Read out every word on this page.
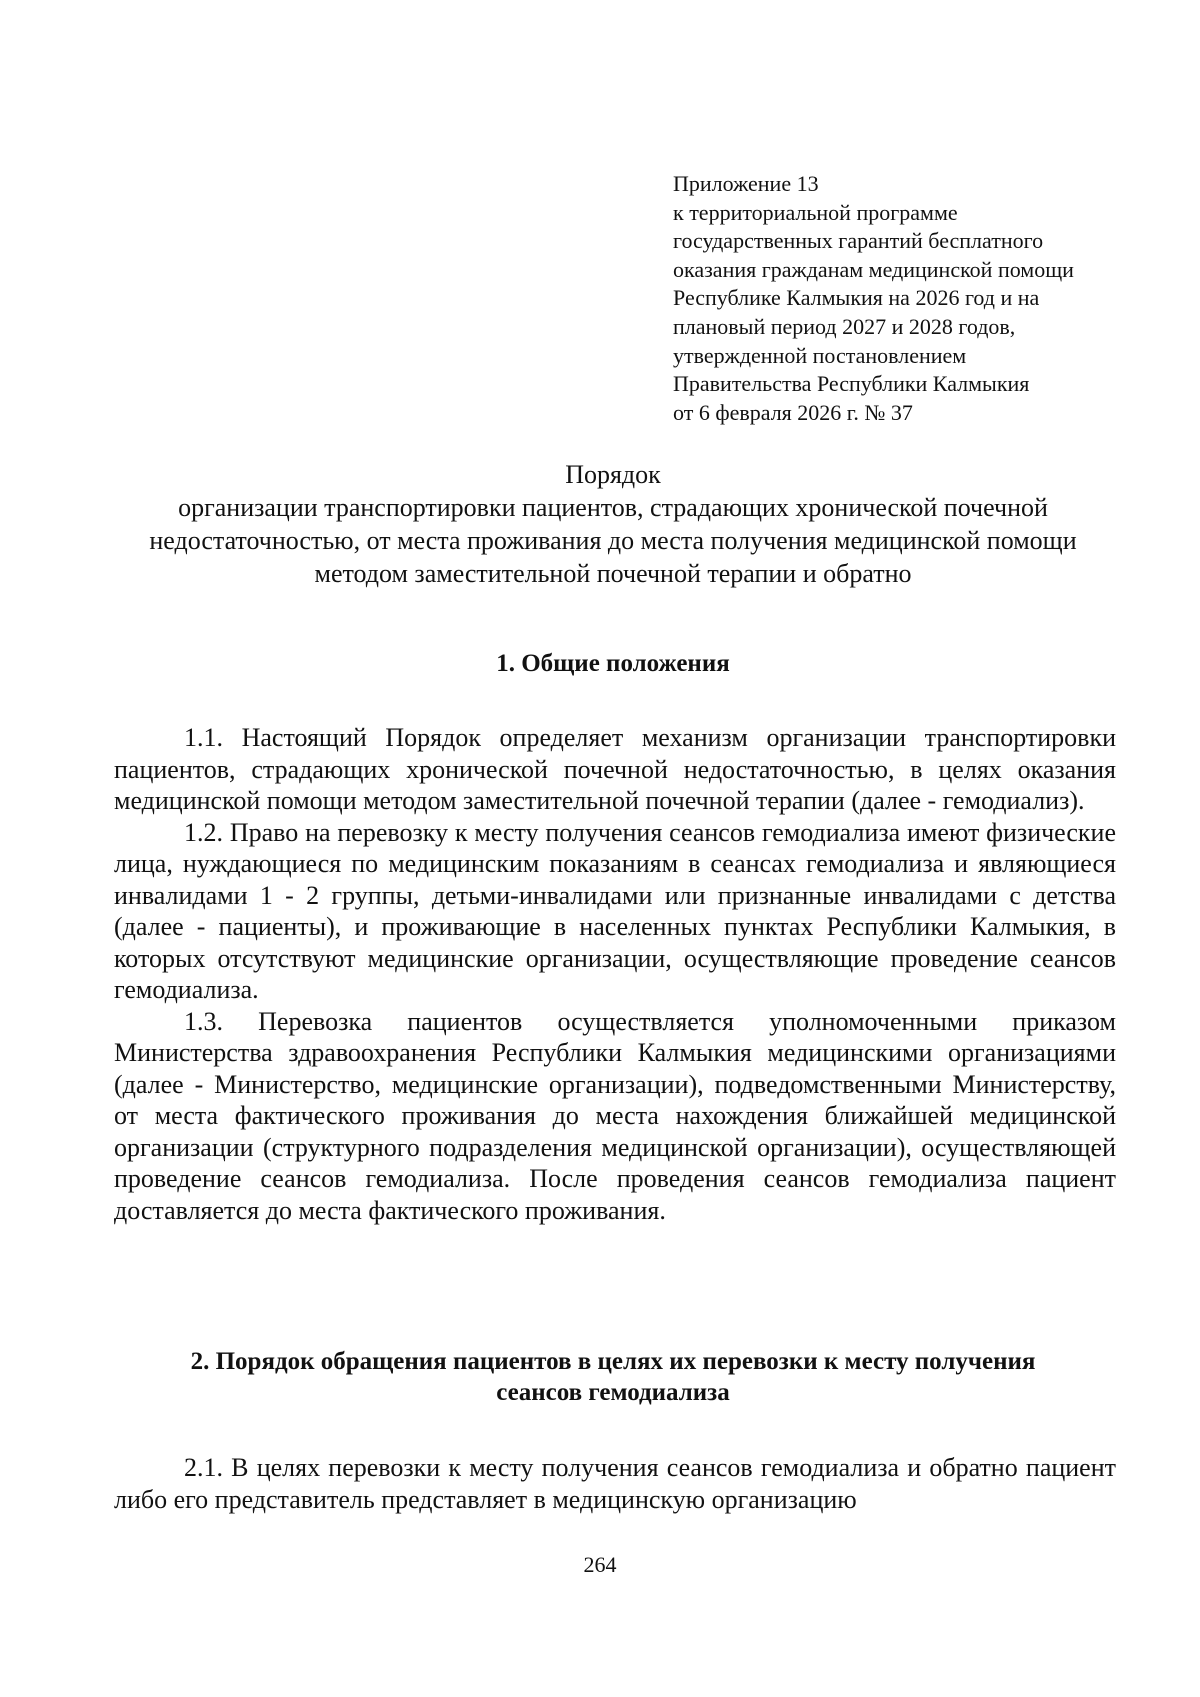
Приложение 13
к территориальной программе
государственных гарантий бесплатного
оказания гражданам медицинской помощи
Республике Калмыкия на 2026 год и на
плановый период 2027 и 2028 годов,
утвержденной постановлением
Правительства Республики Калмыкия
от 6 февраля 2026 г. № 37
Порядок
организации транспортировки пациентов, страдающих хронической почечной
недостаточностью, от места проживания до места получения медицинской помощи
методом заместительной почечной терапии и обратно
1. Общие положения

1.1. Настоящий Порядок определяет механизм организации транспортировки пациентов, страдающих хронической почечной недостаточностью, в целях оказания медицинской помощи методом заместительной почечной терапии (далее - гемодиализ).

1.2. Право на перевозку к месту получения сеансов гемодиализа имеют физические лица, нуждающиеся по медицинским показаниям в сеансах гемодиализа и являющиеся инвалидами 1 - 2 группы, детьми-инвалидами или признанные инвалидами с детства (далее - пациенты), и проживающие в населенных пунктах Республики Калмыкия, в которых отсутствуют медицинские организации, осуществляющие проведение сеансов гемодиализа.

1.3. Перевозка пациентов осуществляется уполномоченными приказом Министерства здравоохранения Республики Калмыкия медицинскими организациями (далее - Министерство, медицинские организации), подведомственными Министерству, от места фактического проживания до места нахождения ближайшей медицинской организации (структурного подразделения медицинской организации), осуществляющей проведение сеансов гемодиализа. После проведения сеансов гемодиализа пациент доставляется до места фактического проживания.

2. Порядок обращения пациентов в целях их перевозки к месту получения
сеансов гемодиализа

2.1. В целях перевозки к месту получения сеансов гемодиализа и обратно пациент либо его представитель представляет в медицинскую организацию

264
